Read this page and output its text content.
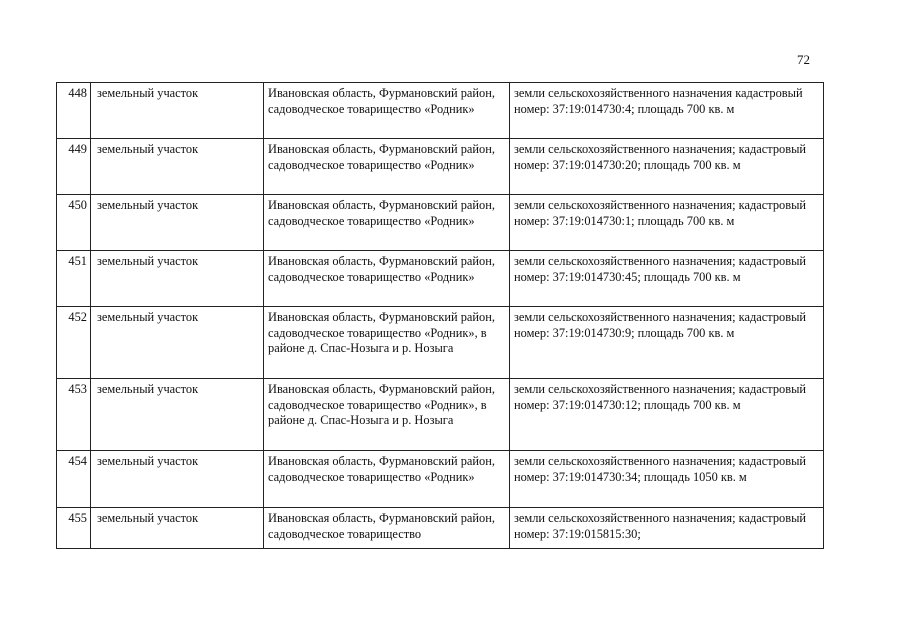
72
448	земельный участок	Ивановская область, Фурмановский район, садоводческое товарищество «Родник»	земли сельскохозяйственного назначения кадастровый номер: 37:19:014730:4; площадь 700 кв. м
449	земельный участок	Ивановская область, Фурмановский район, садоводческое товарищество «Родник»	земли сельскохозяйственного назначения; кадастровый номер: 37:19:014730:20; площадь 700 кв. м
450	земельный участок	Ивановская область, Фурмановский район, садоводческое товарищество «Родник»	земли сельскохозяйственного назначения; кадастровый номер: 37:19:014730:1; площадь 700 кв. м
451	земельный участок	Ивановская область, Фурмановский район, садоводческое товарищество «Родник»	земли сельскохозяйственного назначения; кадастровый номер: 37:19:014730:45; площадь 700 кв. м
452	земельный участок	Ивановская область, Фурмановский район, садоводческое товарищество «Родник», в районе д. Спас-Нозыга и р. Нозыга	земли сельскохозяйственного назначения; кадастровый номер: 37:19:014730:9; площадь 700 кв. м
453	земельный участок	Ивановская область, Фурмановский район, садоводческое товарищество «Родник», в районе д. Спас-Нозыга и р. Нозыга	земли сельскохозяйственного назначения; кадастровый номер: 37:19:014730:12; площадь 700 кв. м
454	земельный участок	Ивановская область, Фурмановский район, садоводческое товарищество «Родник»	земли сельскохозяйственного назначения; кадастровый номер: 37:19:014730:34; площадь 1050 кв. м
455	земельный участок	Ивановская область, Фурмановский район, садоводческое товарищество	земли сельскохозяйственного назначения; кадастровый номер: 37:19:015815:30;
